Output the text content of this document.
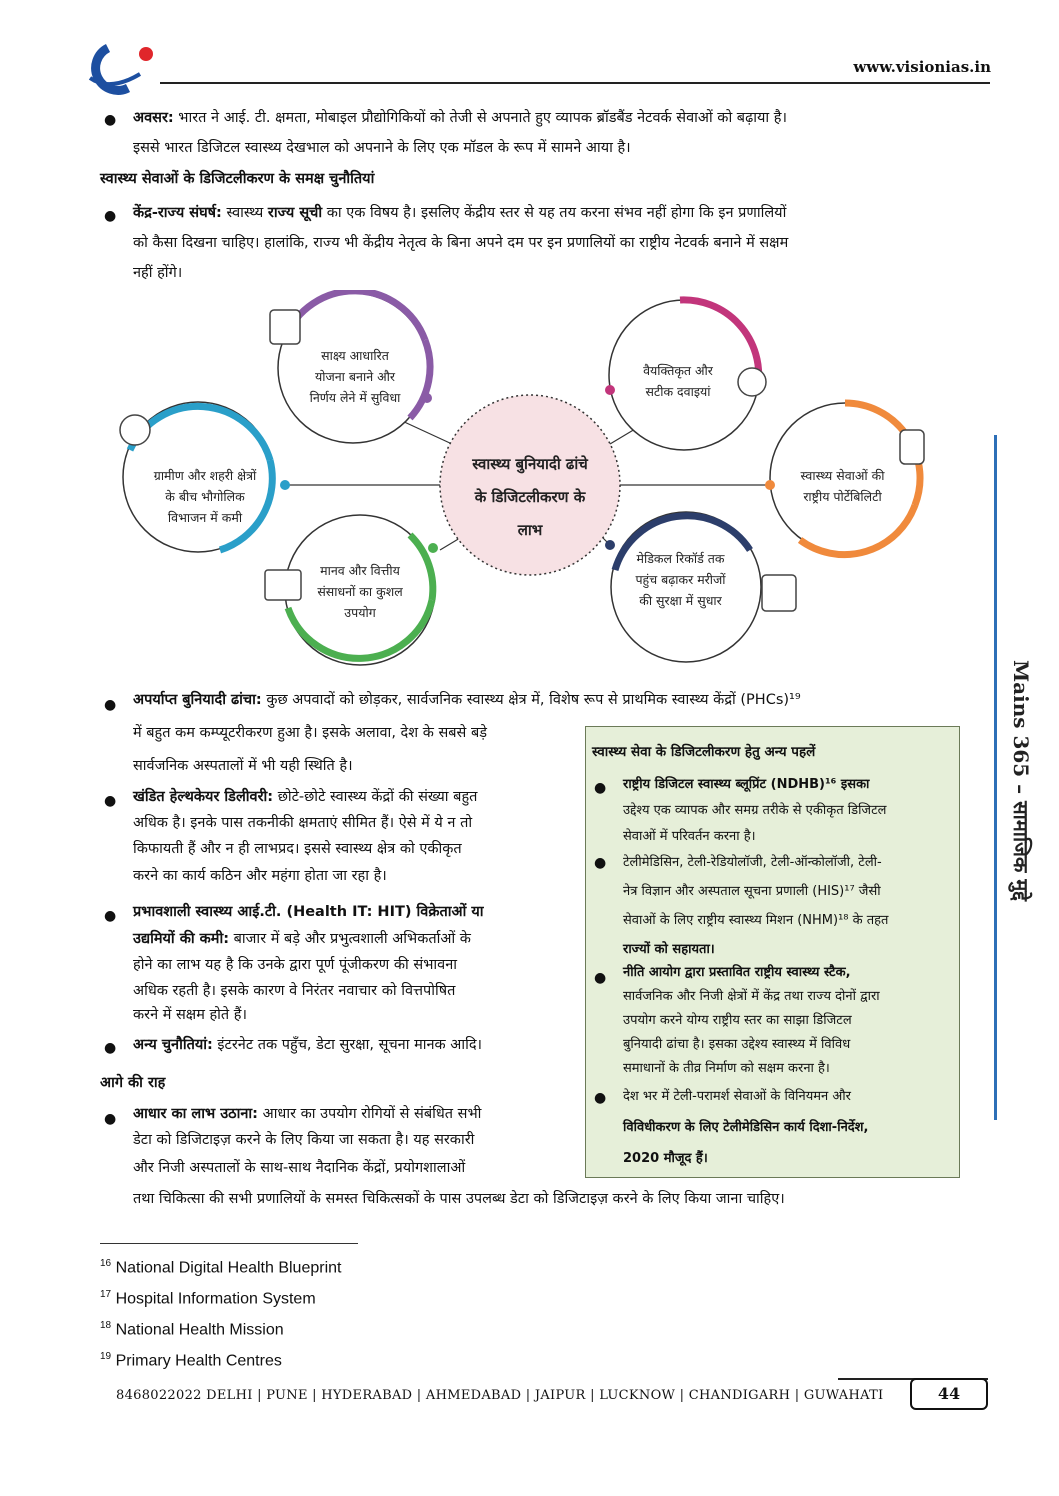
www.visionias.in
● अवसर: भारत ने आई. टी. क्षमता, मोबाइल प्रौद्योगिकियों को तेजी से अपनाते हुए व्यापक ब्रॉडबैंड नेटवर्क सेवाओं को बढ़ाया है।
इससे भारत डिजिटल स्वास्थ्य देखभाल को अपनाने के लिए एक मॉडल के रूप में सामने आया है।
स्वास्थ्य सेवाओं के डिजिटलीकरण के समक्ष चुनौतियां
● केंद्र-राज्य संघर्ष: स्वास्थ्य राज्य सूची का एक विषय है। इसलिए केंद्रीय स्तर से यह तय करना संभव नहीं होगा कि इन प्रणालियों
को कैसा दिखना चाहिए। हालांकि, राज्य भी केंद्रीय नेतृत्व के बिना अपने दम पर इन प्रणालियों का राष्ट्रीय नेटवर्क बनाने में सक्षम
नहीं होंगे।
साक्ष्य आधारित
योजना बनाने और
निर्णय लेने में सुविधा
वैयक्तिकृत और
सटीक दवाइयां
ग्रामीण और शहरी क्षेत्रों
के बीच भौगोलिक
विभाजन में कमी
स्वास्थ्य सेवाओं की
राष्ट्रीय पोर्टेबिलिटी
मानव और वित्तीय
संसाधनों का कुशल
उपयोग
मेडिकल रिकॉर्ड तक
पहुंच बढ़ाकर मरीजों
की सुरक्षा में सुधार
स्वास्थ्य बुनियादी ढांचे
के डिजिटलीकरण के
लाभ
● अपर्याप्त बुनियादी ढांचा: कुछ अपवादों को छोड़कर, सार्वजनिक स्वास्थ्य क्षेत्र में, विशेष रूप से प्राथमिक स्वास्थ्य केंद्रों (PHCs)¹⁹
में बहुत कम कम्प्यूटरीकरण हुआ है। इसके अलावा, देश के सबसे बड़े
सार्वजनिक अस्पतालों में भी यही स्थिति है।
● खंडित हेल्थकेयर डिलीवरी: छोटे-छोटे स्वास्थ्य केंद्रों की संख्या बहुत
अधिक है। इनके पास तकनीकी क्षमताएं सीमित हैं। ऐसे में ये न तो
किफायती हैं और न ही लाभप्रद। इससे स्वास्थ्य क्षेत्र को एकीकृत
करने का कार्य कठिन और महंगा होता जा रहा है।
● प्रभावशाली स्वास्थ्य आई.टी. (Health IT: HIT) विक्रेताओं या
उद्यमियों की कमी: बाजार में बड़े और प्रभुत्वशाली अभिकर्ताओं के
होने का लाभ यह है कि उनके द्वारा पूर्ण पूंजीकरण की संभावना
अधिक रहती है। इसके कारण वे निरंतर नवाचार को वित्तपोषित
करने में सक्षम होते हैं।
● अन्य चुनौतियां: इंटरनेट तक पहुँच, डेटा सुरक्षा, सूचना मानक आदि।
आगे की राह
● आधार का लाभ उठाना: आधार का उपयोग रोगियों से संबंधित सभी
डेटा को डिजिटाइज़ करने के लिए किया जा सकता है। यह सरकारी
और निजी अस्पतालों के साथ-साथ नैदानिक केंद्रों, प्रयोगशालाओं
तथा चिकित्सा की सभी प्रणालियों के समस्त चिकित्सकों के पास उपलब्ध डेटा को डिजिटाइज़ करने के लिए किया जाना चाहिए।
स्वास्थ्य सेवा के डिजिटलीकरण हेतु अन्य पहलें
● राष्ट्रीय डिजिटल स्वास्थ्य ब्लूप्रिंट (NDHB)¹⁶ इसका
उद्देश्य एक व्यापक और समग्र तरीके से एकीकृत डिजिटल
सेवाओं में परिवर्तन करना है।
● टेलीमेडिसिन, टेली-रेडियोलॉजी, टेली-ऑन्कोलॉजी, टेली-
नेत्र विज्ञान और अस्पताल सूचना प्रणाली (HIS)¹⁷ जैसी
सेवाओं के लिए राष्ट्रीय स्वास्थ्य मिशन (NHM)¹⁸ के तहत
राज्यों को सहायता।
● नीति आयोग द्वारा प्रस्तावित राष्ट्रीय स्वास्थ्य स्टैक,
सार्वजनिक और निजी क्षेत्रों में केंद्र तथा राज्य दोनों द्वारा
उपयोग करने योग्य राष्ट्रीय स्तर का साझा डिजिटल
बुनियादी ढांचा है। इसका उद्देश्य स्वास्थ्य में विविध
समाधानों के तीव्र निर्माण को सक्षम करना है।
● देश भर में टेली-परामर्श सेवाओं के विनियमन और
विविधीकरण के लिए टेलीमेडिसिन कार्य दिशा-निर्देश,
2020 मौजूद हैं।
Mains 365 – सामाजिक मुद्दे
$^{16}$ National Digital Health Blueprint
$^{17}$ Hospital Information System
$^{18}$ National Health Mission
$^{19}$ Primary Health Centres
8468022022 DELHI | PUNE | HYDERABAD | AHMEDABAD | JAIPUR | LUCKNOW | CHANDIGARH | GUWAHATI	44
